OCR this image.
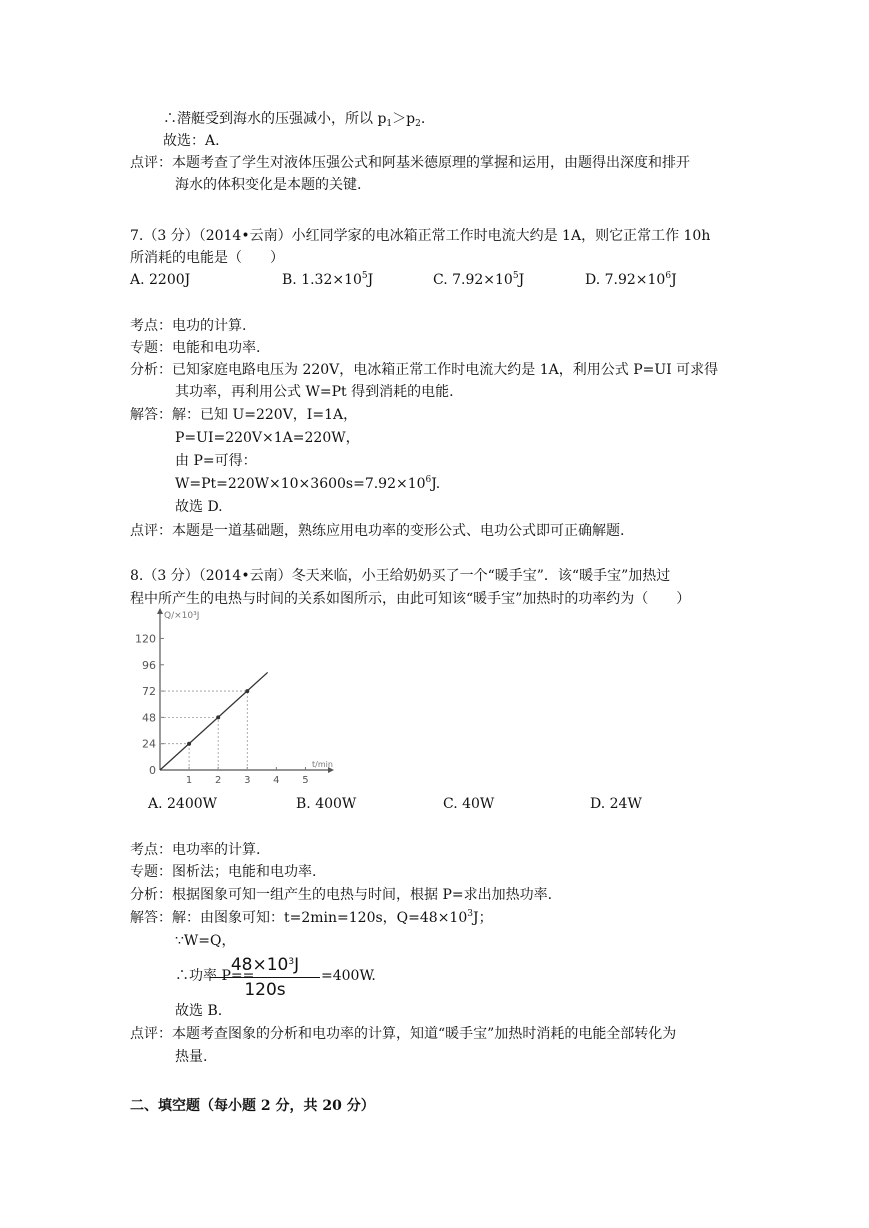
∴潜艇受到海水的压强减小，所以 $p_1>p_2$.
故选：A.
点评：本题考查了学生对液体压强公式和阿基米德原理的掌握和运用，由题得出深度和排开
海水的体积变化是本题的关键.
7.（3 分）（2014•云南）小红同学家的电冰箱正常工作时电流大约是 1A，则它正常工作 10h
所消耗的电能是（　　）
A. 2200J	B. $1.32\times 10^5J$	C. $7.92\times 10^5J$	D. $7.92\times 10^6J$
考点：电功的计算.
专题：电能和电功率.
分析：已知家庭电路电压为 220V，电冰箱正常工作时电流大约是 1A，利用公式 P=UI 可求得
其功率，再利用公式 W=Pt 得到消耗的电能.
解答：解：已知 U=220V，I=1A，
P=UI=220V×1A=220W，
由 P=可得：
$W=Pt=220W\times 10\times 3600s=7.92\times 10^6J$.
故选 D.
点评：本题是一道基础题，熟练应用电功率的变形公式、电功公式即可正确解题.
8.（3 分）（2014•云南）冬天来临，小王给奶奶买了一个“暖手宝”．该“暖手宝”加热过
程中所产生的电热与时间的关系如图所示，由此可知该“暖手宝”加热时的功率约为（　　）
Q/×10³J
t/min
0
24
48
72
96
120
1 2 3 4 5
A. 2400W	B. 400W	C. 40W	D. 24W
考点：电功率的计算.
专题：图析法；电能和电功率.
分析：根据图象可知一组产生的电热与时间，根据 P=求出加热功率.
解答：解：由图象可知：t=2min=120s，$Q=48\times 10^3J$；
∵W=Q，
∴功率 P==
$\frac{48\times 10^3J}{120s} =400W$.
故选 B.
点评：本题考查图象的分析和电功率的计算，知道“暖手宝”加热时消耗的电能全部转化为
热量.
二、填空题（每小题 2 分，共 20 分）
